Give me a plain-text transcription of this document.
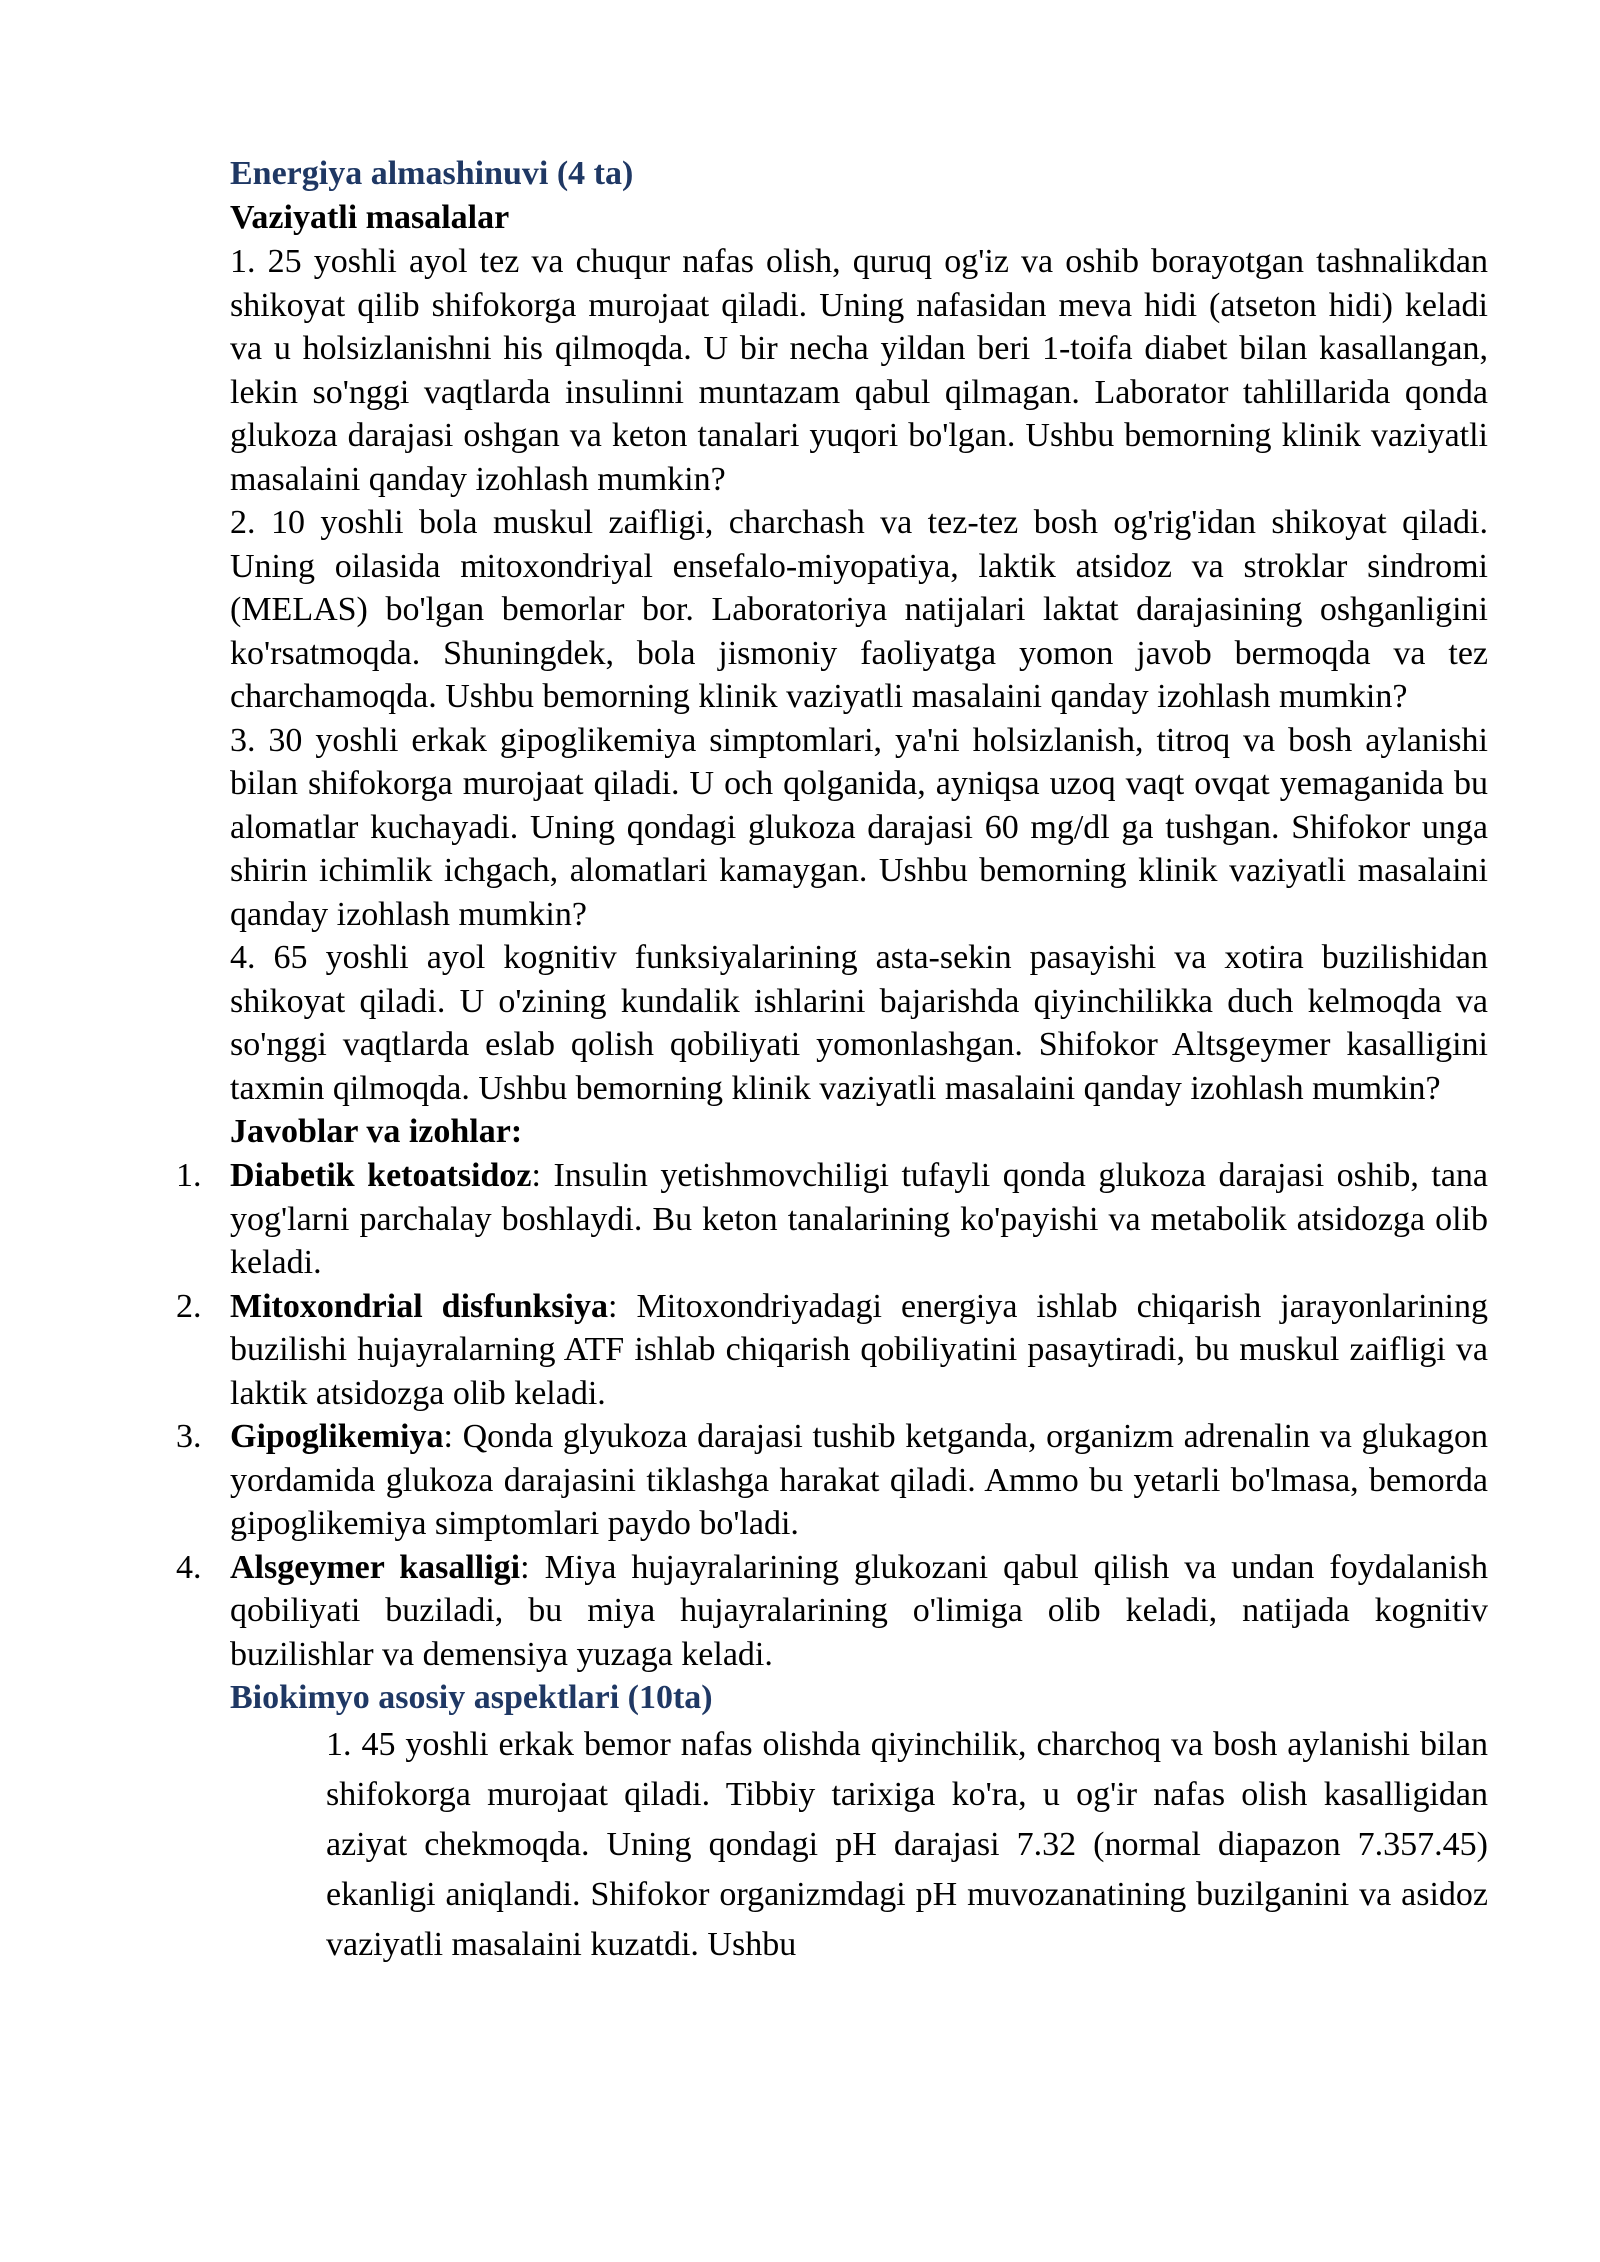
Energiya almashinuvi (4 ta)
Vaziyatli masalalar

1. 25 yoshli ayol tez va chuqur nafas olish, quruq og'iz va oshib borayotgan tashnalikdan shikoyat qilib shifokorga murojaat qiladi. Uning nafasidan meva hidi (atseton hidi) keladi va u holsizlanishni his qilmoqda. U bir necha yildan beri 1-toifa diabet bilan kasallangan, lekin so'nggi vaqtlarda insulinni muntazam qabul qilmagan. Laborator tahlillarida qonda glukoza darajasi oshgan va keton tanalari yuqori bo'lgan. Ushbu bemorning klinik vaziyatli masalaini qanday izohlash mumkin?

2. 10 yoshli bola muskul zaifligi, charchash va tez-tez bosh og'rig'idan shikoyat qiladi. Uning oilasida mitoxondriyal ensefalo-miyopatiya, laktik atsidoz va stroklar sindromi (MELAS) bo'lgan bemorlar bor. Laboratoriya natijalari laktat darajasining oshganligini ko'rsatmoqda. Shuningdek, bola jismoniy faoliyatga yomon javob bermoqda va tez charchamoqda. Ushbu bemorning klinik vaziyatli masalaini qanday izohlash mumkin?

3. 30 yoshli erkak gipoglikemiya simptomlari, ya'ni holsizlanish, titroq va bosh aylanishi bilan shifokorga murojaat qiladi. U och qolganida, ayniqsa uzoq vaqt ovqat yemaganida bu alomatlar kuchayadi. Uning qondagi glukoza darajasi 60 mg/dl ga tushgan. Shifokor unga shirin ichimlik ichgach, alomatlari kamaygan. Ushbu bemorning klinik vaziyatli masalaini qanday izohlash mumkin?

4. 65 yoshli ayol kognitiv funksiyalarining asta-sekin pasayishi va xotira buzilishidan shikoyat qiladi. U o'zining kundalik ishlarini bajarishda qiyinchilikka duch kelmoqda va so'nggi vaqtlarda eslab qolish qobiliyati yomonlashgan. Shifokor Altsgeymer kasalligini taxmin qilmoqda. Ushbu bemorning klinik vaziyatli masalaini qanday izohlash mumkin?

Javoblar va izohlar:
1. Diabetik ketoatsidoz: Insulin yetishmovchiligi tufayli qonda glukoza darajasi oshib, tana yog'larni parchalay boshlaydi. Bu keton tanalarining ko'payishi va metabolik atsidozga olib keladi.
2. Mitoxondrial disfunksiya: Mitoxondriyadagi energiya ishlab chiqarish jarayonlarining buzilishi hujayralarning ATF ishlab chiqarish qobiliyatini pasaytiradi, bu muskul zaifligi va laktik atsidozga olib keladi.
3. Gipoglikemiya: Qonda glyukoza darajasi tushib ketganda, organizm adrenalin va glukagon yordamida glukoza darajasini tiklashga harakat qiladi. Ammo bu yetarli bo'lmasa, bemorda gipoglikemiya simptomlari paydo bo'ladi.
4. Alsgeymer kasalligi: Miya hujayralarining glukozani qabul qilish va undan foydalanish qobiliyati buziladi, bu miya hujayralarining o'limiga olib keladi, natijada kognitiv buzilishlar va demensiya yuzaga keladi.
Biokimyo asosiy aspektlari (10ta)

1. 45 yoshli erkak bemor nafas olishda qiyinchilik, charchoq va bosh aylanishi bilan shifokorga murojaat qiladi. Tibbiy tarixiga ko'ra, u og'ir nafas olish kasalligidan aziyat chekmoqda. Uning qondagi pH darajasi 7.32 (normal diapazon 7.357.45) ekanligi aniqlandi. Shifokor organizmdagi pH muvozanatining buzilganini va asidoz vaziyatli masalaini kuzatdi. Ushbu
